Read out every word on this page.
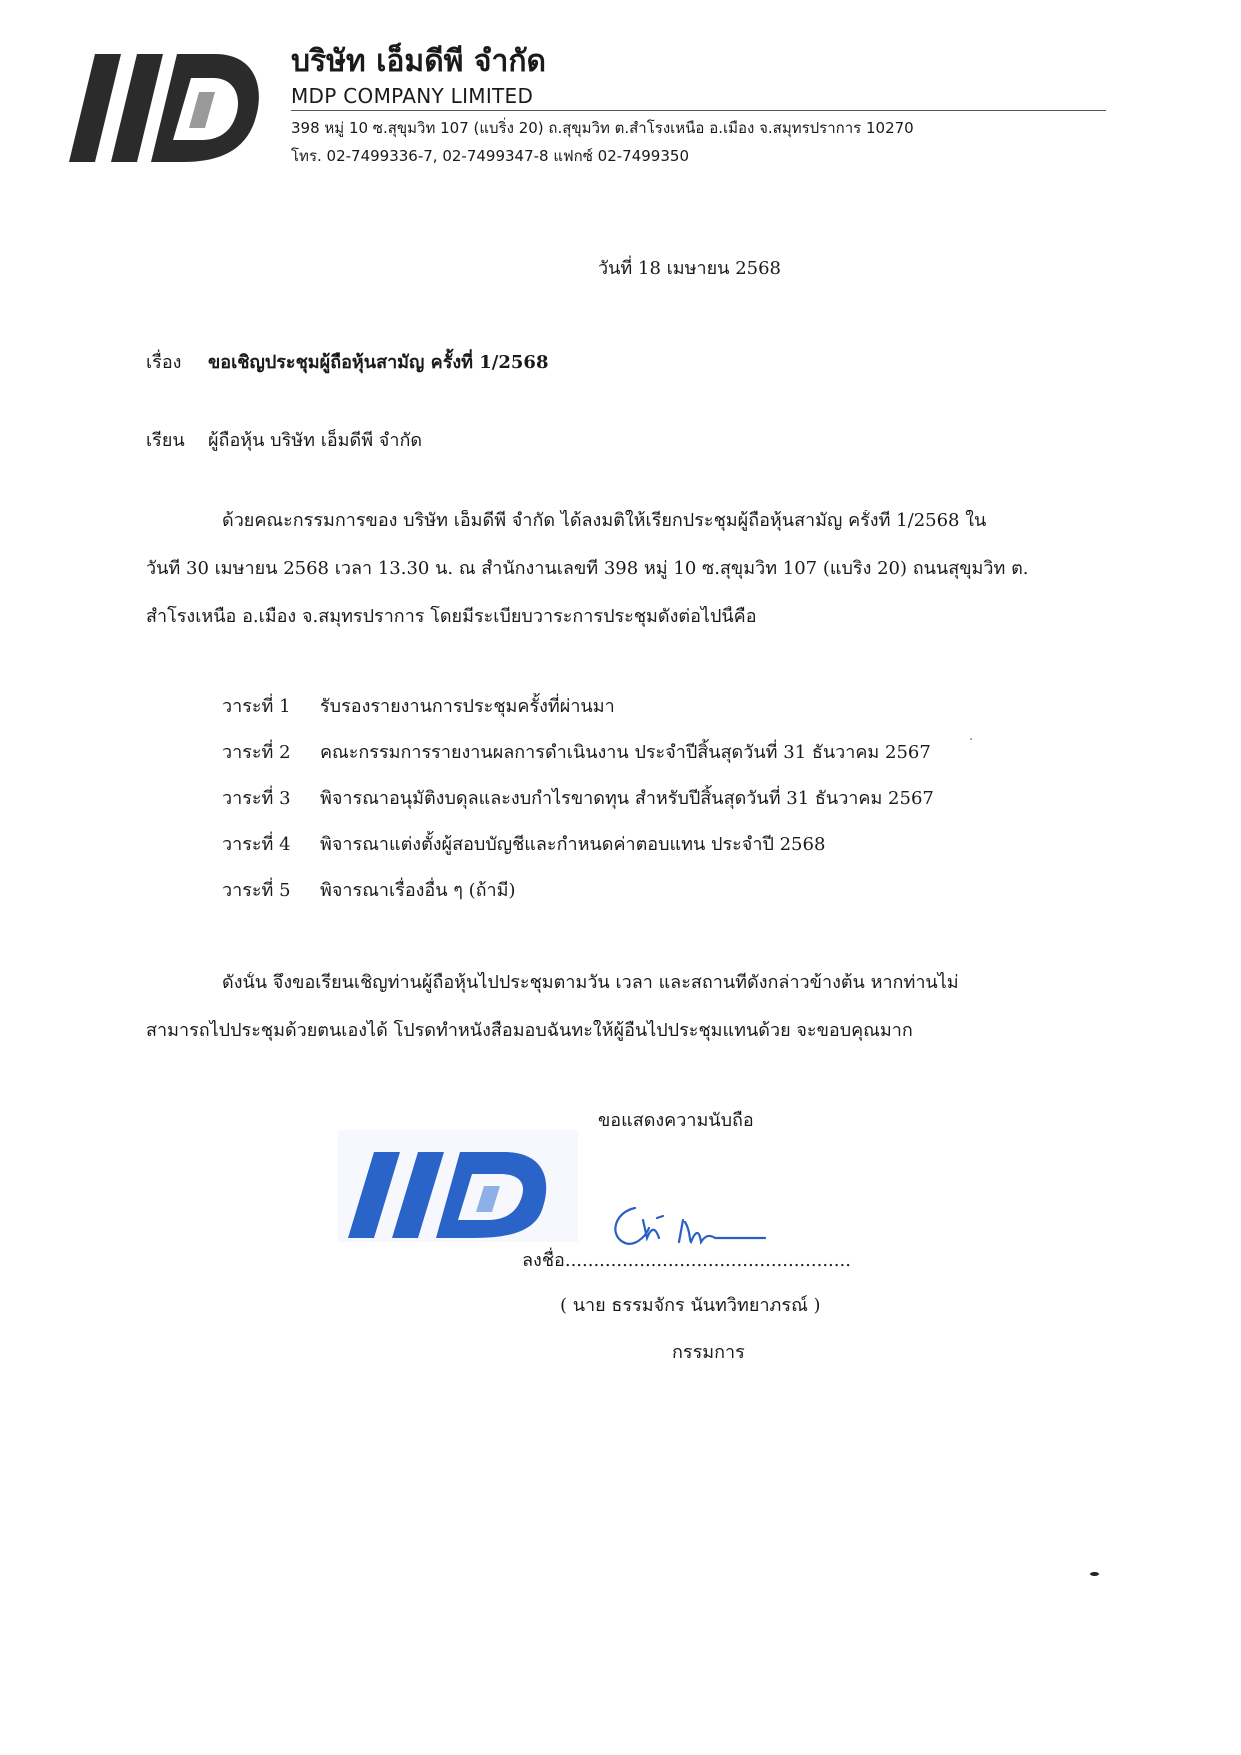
บริษัท เอ็มดีพี จำกัด
MDP COMPANY LIMITED
398 หมู่ 10 ซ.สุขุมวิท 107 (แบริ่ง 20) ถ.สุขุมวิท ต.สำโรงเหนือ อ.เมือง จ.สมุทรปราการ 10270
โทร. 02-7499336-7, 02-7499347-8 แฟกซ์ 02-7499350
วันที่ 18 เมษายน 2568
เรื่อง ขอเชิญประชุมผู้ถือหุ้นสามัญ ครั้งที่ 1/2568
เรียน ผู้ถือหุ้น บริษัท เอ็มดีพี จำกัด
ด้วยคณะกรรมการของ บริษัท เอ็มดีพี จำกัด ได้ลงมติให้เรียกประชุมผู้ถือหุ้นสามัญ ครั้งที่ 1/2568 ใน
วันที่ 30 เมษายน 2568 เวลา 13.30 น. ณ สำนักงานเลขที่ 398 หมู่ 10 ซ.สุขุมวิท 107 (แบริ่ง 20) ถนนสุขุมวิท ต.
สำโรงเหนือ อ.เมือง จ.สมุทรปราการ โดยมีระเบียบวาระการประชุมดังต่อไปนี้คือ
วาระที่ 1 รับรองรายงานการประชุมครั้งที่ผ่านมา
วาระที่ 2 คณะกรรมการรายงานผลการดำเนินงาน ประจำปีสิ้นสุดวันที่ 31 ธันวาคม 2567
วาระที่ 3 พิจารณาอนุมัติงบดุลและงบกำไรขาดทุน สำหรับปีสิ้นสุดวันที่ 31 ธันวาคม 2567
วาระที่ 4 พิจารณาแต่งตั้งผู้สอบบัญชีและกำหนดค่าตอบแทน ประจำปี 2568
วาระที่ 5 พิจารณาเรื่องอื่น ๆ (ถ้ามี)
ดังนั้น จึงขอเรียนเชิญท่านผู้ถือหุ้นไปประชุมตามวัน เวลา และสถานที่ดังกล่าวข้างต้น หากท่านไม่
สามารถไปประชุมด้วยตนเองได้ โปรดทำหนังสือมอบฉันทะให้ผู้อื่นไปประชุมแทนด้วย จะขอบคุณมาก
ขอแสดงความนับถือ
ลงชื่อ..................................................
( นาย ธรรมจักร นันทวิทยาภรณ์ )
กรรมการ
